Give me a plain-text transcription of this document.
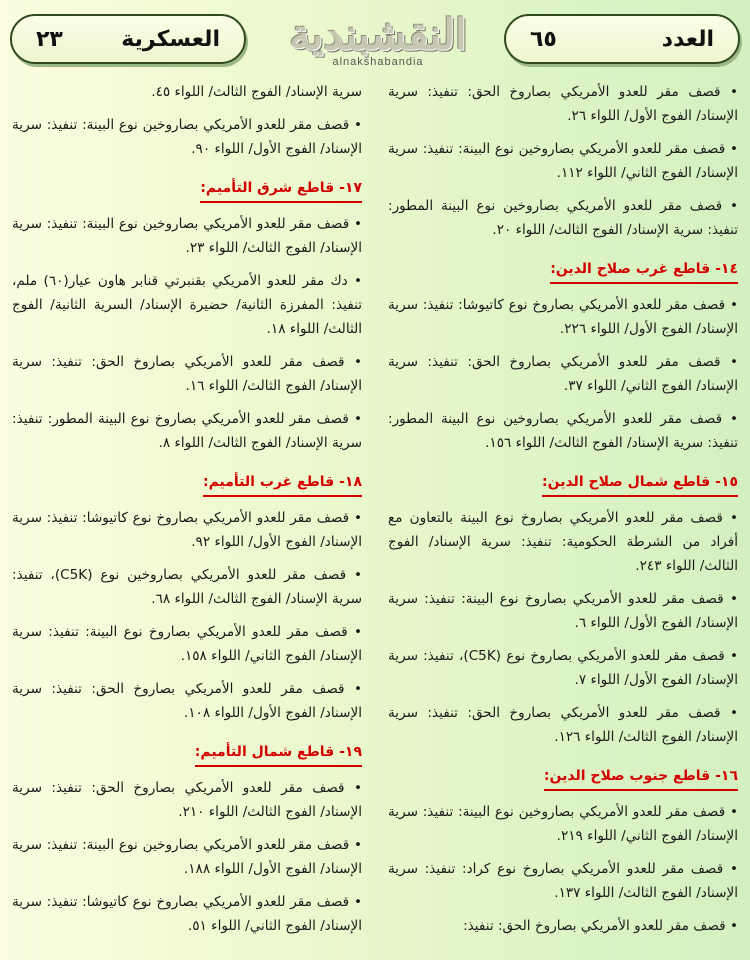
العسكرية
٢٣	النقشبندية
alnakshabandia
العدد
٦٥
• قصف مقر للعدو الأمريكي بصاروخ الحق: تنفيذ: سرية الإسناد/ الفوج الأول/ اللواء ٢٦.
• قصف مقر للعدو الأمريكي بصاروخين نوع البينة: تنفيذ: سرية الإسناد/ الفوج الثاني/ اللواء ١١٢.
• قصف مقر للعدو الأمريكي بصاروخين نوع البينة المطور: تنفيذ: سرية الإسناد/ الفوج الثالث/ اللواء ٢٠.
١٤- قاطع غرب صلاح الدين:
• قصف مقر للعدو الأمريكي بصاروخ نوع كاتيوشا: تنفيذ: سرية الإسناد/ الفوج الأول/ اللواء ٢٢٦.
• قصف مقر للعدو الأمريكي بصاروخ الحق: تنفيذ: سرية الإسناد/ الفوج الثاني/ اللواء ٣٧.
• قصف مقر للعدو الأمريكي بصاروخين نوع البينة المطور: تنفيذ: سرية الإسناد/ الفوج الثالث/ اللواء ١٥٦.
١٥- قاطع شمال صلاح الدين:
• قصف مقر للعدو الأمريكي بصاروخ نوع البينة بالتعاون مع أفراد من الشرطة الحكومية: تنفيذ: سرية الإسناد/ الفوج الثالث/ اللواء ٢٤٣.
• قصف مقر للعدو الأمريكي بصاروخ نوع البينة: تنفيذ: سرية الإسناد/ الفوج الأول/ اللواء ٦.
• قصف مقر للعدو الأمريكي بصاروخ نوع (C5K)، تنفيذ: سرية الإسناد/ الفوج الأول/ اللواء ٧.
• قصف مقر للعدو الأمريكي بصاروخ الحق: تنفيذ: سرية الإسناد/ الفوج الثالث/ اللواء ١٢٦.
١٦- قاطع جنوب صلاح الدين:
• قصف مقر للعدو الأمريكي بصاروخين نوع البينة: تنفيذ: سرية الإسناد/ الفوج الثاني/ اللواء ٢١٩.
• قصف مقر للعدو الأمريكي بصاروخ نوع كراد: تنفيذ: سرية الإسناد/ الفوج الثالث/ اللواء ١٣٧.
• قصف مقر للعدو الأمريكي بصاروخ الحق: تنفيذ:
سرية الإسناد/ الفوج الثالث/ اللواء ٤٥.
• قصف مقر للعدو الأمريكي بصاروخين نوع البينة: تنفيذ: سرية الإسناد/ الفوج الأول/ اللواء ٩٠.
١٧- قاطع شرق التأميم:
• قصف مقر للعدو الأمريكي بصاروخين نوع البينة: تنفيذ: سرية الإسناد/ الفوج الثالث/ اللواء ٢٣.
• دك مقر للعدو الأمريكي بقنبرتي قنابر هاون عيار(٦٠) ملم، تنفيذ: المفرزة الثانية/ حضيرة الإسناد/ السرية الثانية/ الفوج الثالث/ اللواء ١٨.
• قصف مقر للعدو الأمريكي بصاروخ الحق: تنفيذ: سرية الإسناد/ الفوج الثالث/ اللواء ١٦.
• قصف مقر للعدو الأمريكي بصاروخ نوع البينة المطور: تنفيذ: سرية الإسناد/ الفوج الثالث/ اللواء ٨.
١٨- قاطع غرب التأميم:
• قصف مقر للعدو الأمريكي بصاروخ نوع كاتيوشا: تنفيذ: سرية الإسناد/ الفوج الأول/ اللواء ٩٢.
• قصف مقر للعدو الأمريكي بصاروخين نوع (C5K)، تنفيذ: سرية الإسناد/ الفوج الثالث/ اللواء ٦٨.
• قصف مقر للعدو الأمريكي بصاروخ نوع البينة: تنفيذ: سرية الإسناد/ الفوج الثاني/ اللواء ١٥٨.
• قصف مقر للعدو الأمريكي بصاروخ الحق: تنفيذ: سرية الإسناد/ الفوج الأول/ اللواء ١٠٨.
١٩- قاطع شمال التأميم:
• قصف مقر للعدو الأمريكي بصاروخ الحق: تنفيذ: سرية الإسناد/ الفوج الثالث/ اللواء ٢١٠.
• قصف مقر للعدو الأمريكي بصاروخين نوع البينة: تنفيذ: سرية الإسناد/ الفوج الأول/ اللواء ١٨٨.
• قصف مقر للعدو الأمريكي بصاروخ نوع كاتيوشا: تنفيذ: سرية الإسناد/ الفوج الثاني/ اللواء ٥١.
